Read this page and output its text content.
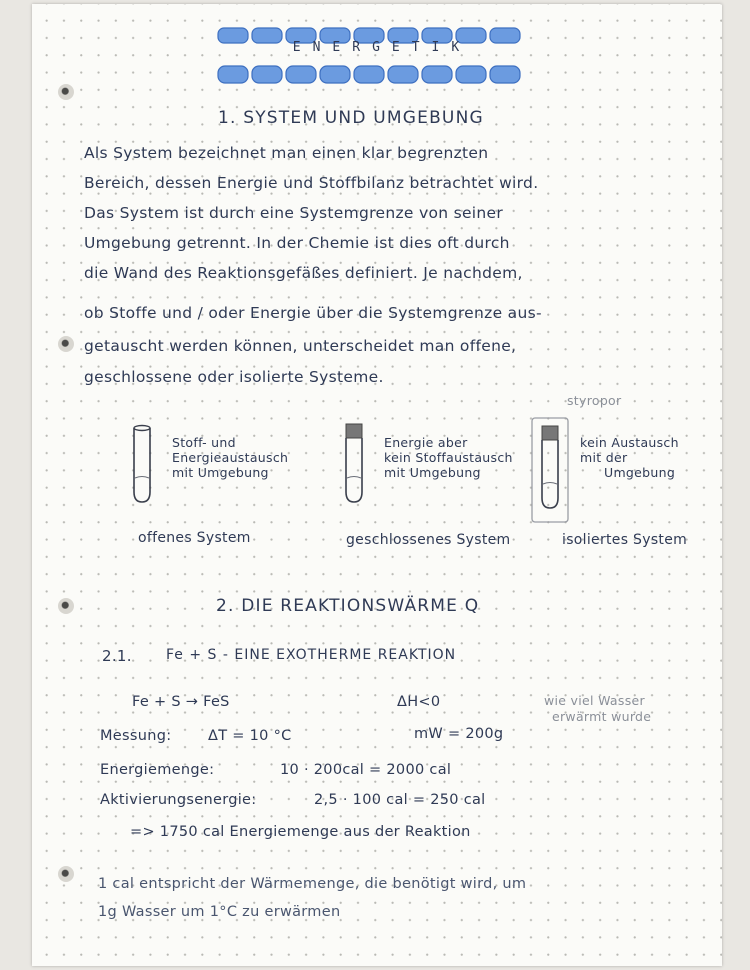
ENERGETIK
1. SYSTEM UND UMGEBUNG
Als System bezeichnet man einen klar begrenzten
Bereich, dessen Energie und Stoffbilanz betrachtet wird.
Das System ist durch eine Systemgrenze von seiner
Umgebung getrennt. In der Chemie ist dies oft durch
die Wand des Reaktionsgefäßes definiert. Je nachdem,
ob Stoffe und / oder Energie über die Systemgrenze aus-
getauscht werden können, unterscheidet man offene,
geschlossene oder isolierte Systeme.
styropor
Stoff- und
Energieaustausch
mit Umgebung
Energie aber
kein Stoffaustausch
mit Umgebung
kein Austausch
mit der
Umgebung
offenes System	geschlossenes System	isoliertes System
2. DIE REAKTIONSWÄRME Q
2.1. Fe + S - EINE EXOTHERME REAKTION
Fe + S → FeS	ΔH<0	wie viel Wasser
erwärmt wurde
Messung:	ΔT = 10 °C	mW = 200g
Energiemenge:	10 · 200cal = 2000 cal
Aktivierungsenergie:	2,5 · 100 cal = 250 cal
=> 1750 cal Energiemenge aus der Reaktion
1 cal entspricht der Wärmemenge, die benötigt wird, um
1g Wasser um 1°C zu erwärmen
